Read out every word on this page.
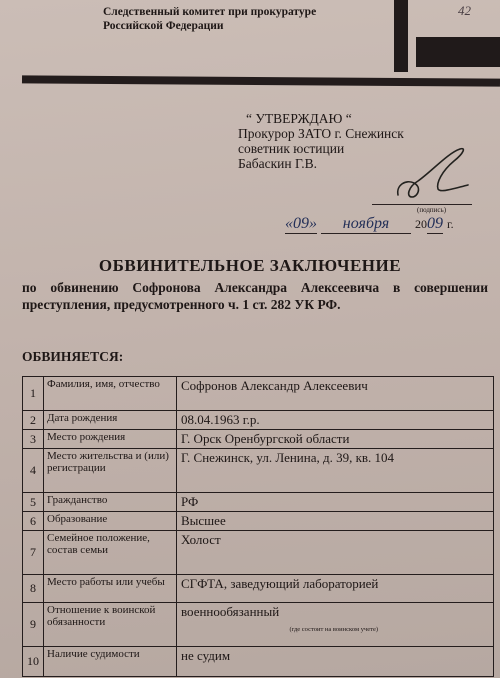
Следственный комитет при прокуратуре
Российской Федерации
42
“ УТВЕРЖДАЮ “
Прокурор ЗАТО г. Снежинск
советник юстиции
Бабаскин Г.В.
(подпись)
«09» ноября 2009 г.
ОБВИНИТЕЛЬНОЕ ЗАКЛЮЧЕНИЕ
по обвинению Софронова Александра Алексеевича в совершении преступления, предусмотренного ч. 1 ст. 282 УК РФ.
ОБВИНЯЕТСЯ:
1	Фамилия, имя, отчество	Софронов Александр Алексеевич
2	Дата рождения	08.04.1963 г.р.
3	Место рождения	Г. Орск Оренбургской области
4	Место жительства и (или) регистрации	Г. Снежинск, ул. Ленина, д. 39, кв. 104
5	Гражданство	РФ
6	Образование	Высшее
7	Семейное положение, состав семьи	Холост
8	Место работы или учебы	СГФТА, заведующий лабораторией
9	Отношение к воинской обязанности	военнообязанный
(где состоит на воинском учете)

10	Наличие судимости	не судим
